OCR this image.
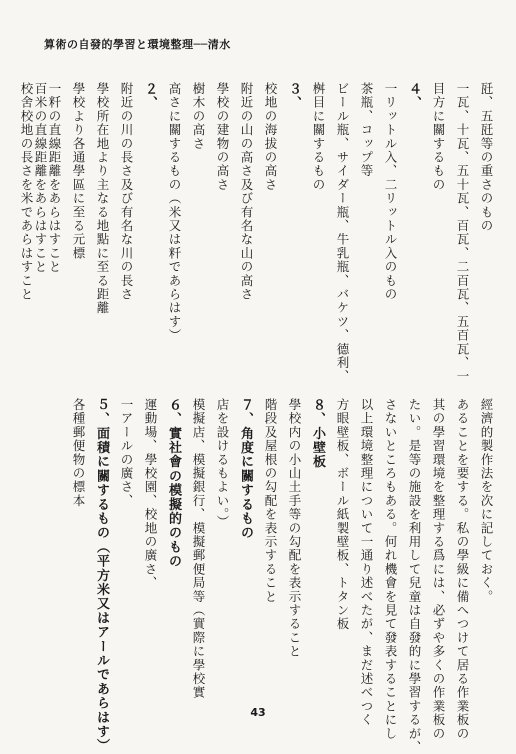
算術の自發的學習と環境整理──清水
經濟的製作法を次に記しておく。
あることを要する。私の學級に備へつけて居る作業板の
其の學習環境を整理する爲には、必ずや多くの作業板の
たい。是等の施設を利用して兒童は自發的に學習するが、
さないところもある。何れ機會を見て發表することにし
以上環境整理について一通り述べたが、まだ述べつく
方眼壁板、ボール紙製壁板、トタン板
８、小壁板
學校内の小山土手等の勾配を表示すること
階段及屋根の勾配を表示すること
７、角度に關するもの
店を設けるもよい。）
模擬店、模擬銀行、模擬郵便局等（實際に學校實
６、實社會の模擬的のもの
運動場、學校園、校地の廣さ、
一アールの廣さ、
５、面積に關するもの（平方米又はアールであらはす）
各種郵便物の標本
一瓦、十瓦、五十瓦、百瓦、二百瓦、五百瓦、一 瓩、五瓩等の重さのもの
目方に關するもの
４、
一リットル入、二リットル入のもの
茶瓶、コップ等
ビール瓶、サイダー瓶、牛乳瓶、バケツ、德利、
桝目に關するもの
３、
校地の海拔の高さ
附近の山の高さ及び有名な山の高さ
學校の建物の高さ
樹木の高さ
高さに關するもの（米又は粁であらはす）
２、
附近の川の長さ及び有名な川の長さ
學校所在地より主なる地點に至る距離
學校より各通學區に至る元標
一粁の直線距離をあらはすこと
百米の直線距離をあらはすこと
校舍校地の長さを米であらはすこと
43
